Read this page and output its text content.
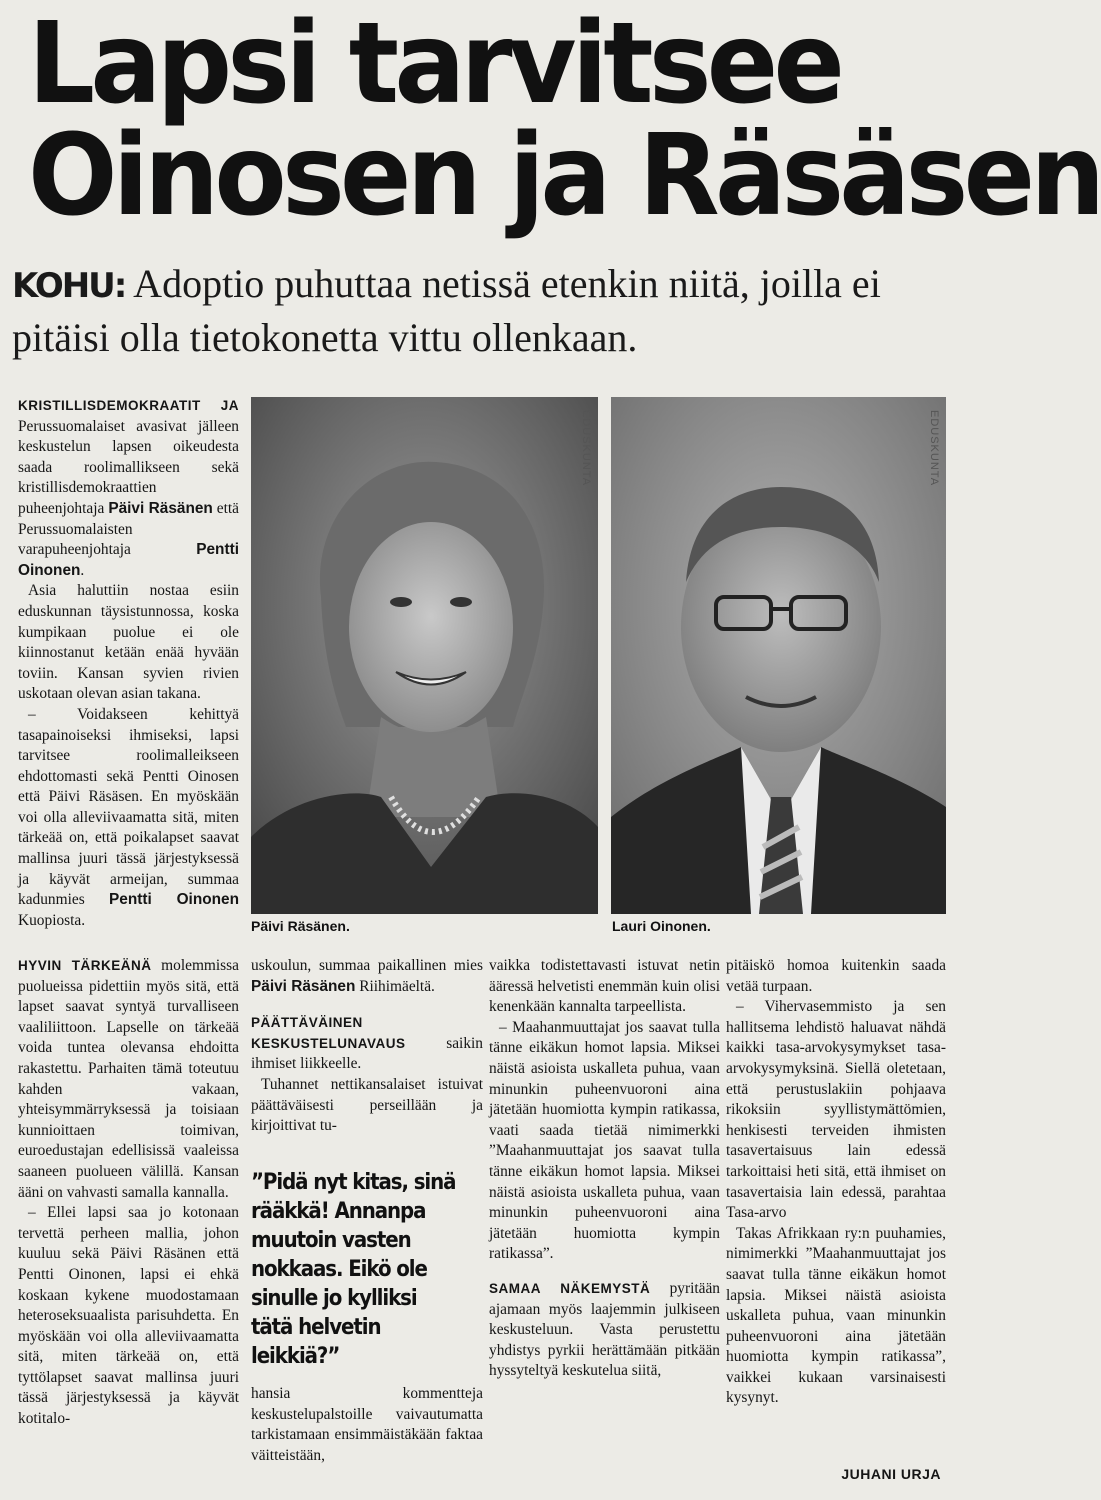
Lapsi tarvitsee
Oinosen ja Räsäsen
KOHU: Adoptio puhuttaa netissä etenkin niitä, joilla ei pitäisi olla tietokonetta vittu ollenkaan.
EDUSKUNTA
Päivi Räsänen.
EDUSKUNTA
Lauri Oinonen.

KRISTILLISDEMOKRAATIT JA Perussuomalaiset avasivat jälleen keskustelun lapsen oikeudesta saada roolimallikseen sekä kristillisdemokraattien puheenjohtaja Päivi Räsänen että Perussuomalaisten varapuheenjohtaja Pentti Oinonen.

Asia haluttiin nostaa esiin eduskunnan täysistunnossa, koska kumpikaan puolue ei ole kiinnostanut ketään enää hyvään toviin. Kansan syvien rivien uskotaan olevan asian takana.

– Voidakseen kehittyä tasapainoiseksi ihmiseksi, lapsi tarvitsee roolimalleikseen ehdottomasti sekä Pentti Oinosen että Päivi Räsäsen. En myöskään voi olla alleviivaamatta sitä, miten tärkeää on, että poikalapset saavat mallinsa juuri tässä järjestyksessä ja käyvät armeijan, summaa kadunmies Pentti Oinonen Kuopiosta.

HYVIN TÄRKEÄNÄ molemmissa puolueissa pidettiin myös sitä, että lapset saavat syntyä turvalliseen vaaliliittoon. Lapselle on tärkeää voida tuntea olevansa ehdoitta rakastettu. Parhaiten tämä toteutuu kahden vakaan, yhteisymmärryksessä ja toisiaan kunnioittaen toimivan, euroedustajan edellisissä vaaleissa saaneen puolueen välillä. Kansan ääni on vahvasti samalla kannalla.

– Ellei lapsi saa jo kotonaan tervettä perheen mallia, johon kuuluu sekä Päivi Räsänen että Pentti Oinonen, lapsi ei ehkä koskaan kykene muodostamaan heteroseksuaalista parisuhdetta. En myöskään voi olla alleviivaamatta sitä, miten tärkeää on, että tyttölapset saavat mallinsa juuri tässä järjestyksessä ja käyvät kotitalo-

uskoulun, summaa paikallinen mies Päivi Räsänen Riihimäeltä.

PÄÄTTÄVÄINEN KESKUSTELUNAVAUS saikin ihmiset liikkeelle.

Tuhannet nettikansalaiset istuivat päättäväisesti perseillään ja kirjoittivat tu-

”Pidä nyt kitas, sinä rääkkä! Annanpa muutoin vasten nokkaas. Eikö ole sinulle jo kylliksi tätä helvetin leikkiä?”

hansia kommentteja keskustelupalstoille vaivautumatta tarkistamaan ensimmäistäkään faktaa väitteistään,

vaikka todistettavasti istuvat netin ääressä helvetisti enemmän kuin olisi kenenkään kannalta tarpeellista.

– Maahanmuuttajat jos saavat tulla tänne eikäkun homot lapsia. Miksei näistä asioista uskalleta puhua, vaan minunkin puheenvuoroni aina jätetään huomiotta kympin ratikassa, vaati saada tietää nimimerkki ”Maahanmuuttajat jos saavat tulla tänne eikäkun homot lapsia. Miksei näistä asioista uskalleta puhua, vaan minunkin puheenvuoroni aina jätetään huomiotta kympin ratikassa”.

SAMAA NÄKEMYSTÄ pyritään ajamaan myös laajemmin julkiseen keskusteluun. Vasta perustettu yhdistys pyrkii herättämään pitkään hyssyteltyä keskutelua siitä,

pitäiskö homoa kuitenkin saada vetää turpaan.

– Vihervasemmisto ja sen hallitsema lehdistö haluavat nähdä kaikki tasa-arvokysymykset tasa-arvokysymyksinä. Siellä oletetaan, että perustuslakiin pohjaava rikoksiin syyllistymättömien, henkisesti terveiden ihmisten tasavertaisuus lain edessä tarkoittaisi heti sitä, että ihmiset on tasavertaisia lain edessä, parahtaa Tasa-arvo

Takas Afrikkaan ry:n puuhamies, nimimerkki ”Maahanmuuttajat jos saavat tulla tänne eikäkun homot lapsia. Miksei näistä asioista uskalleta puhua, vaan minunkin puheenvuoroni aina jätetään huomiotta kympin ratikassa”, vaikkei kukaan varsinaisesti kysynyt.

JUHANI URJA
